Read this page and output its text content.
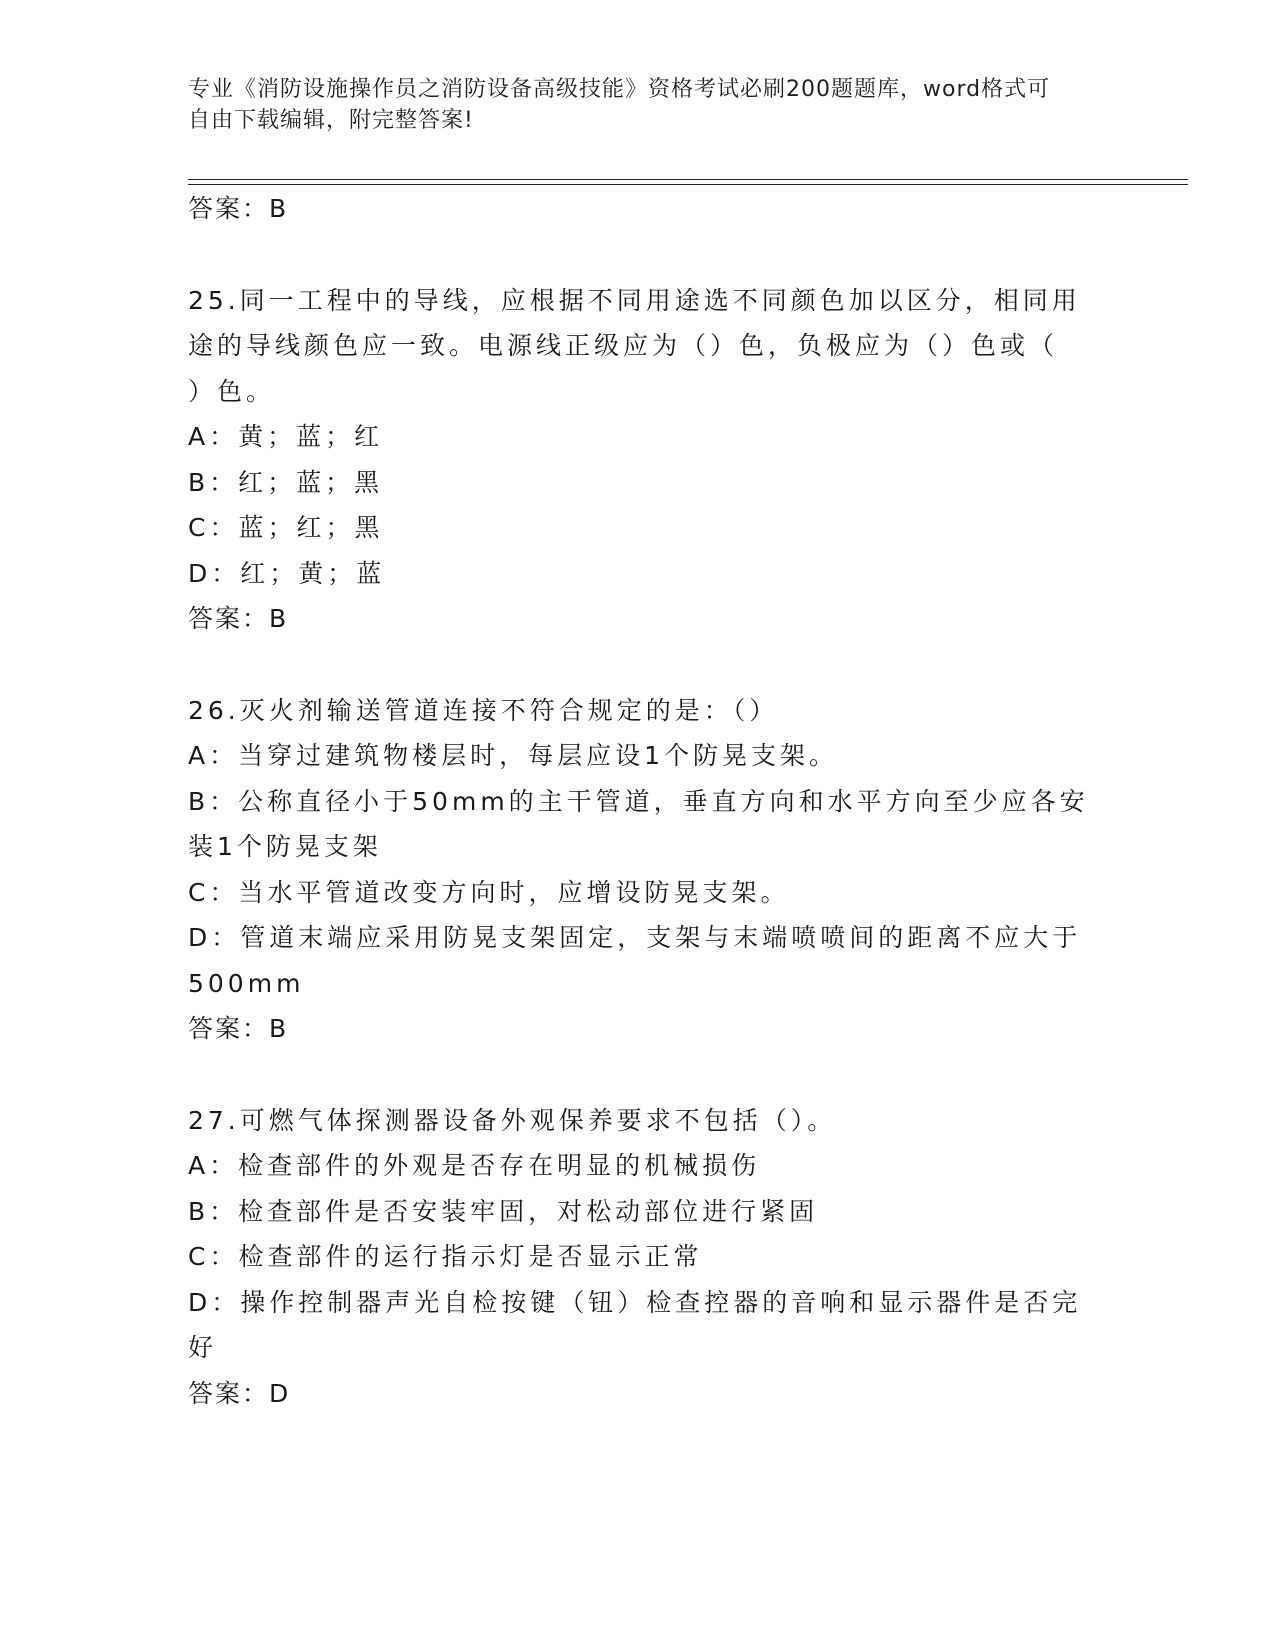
专业《消防设施操作员之消防设备高级技能》资格考试必刷200题题库，word格式可自由下载编辑，附完整答案!
答案：B
25.同一工程中的导线，应根据不同用途选不同颜色加以区分，相同用
途的导线颜色应一致。电源线正级应为（）色，负极应为（）色或（
）色。
A：黄；蓝；红
B：红；蓝；黑
C：蓝；红；黑
D：红；黄；蓝
答案：B
26.灭火剂输送管道连接不符合规定的是：（）
A：当穿过建筑物楼层时，每层应设1个防晃支架。
B：公称直径小于50mm的主干管道，垂直方向和水平方向至少应各安
装1个防晃支架
C：当水平管道改变方向时，应增设防晃支架。
D：管道末端应采用防晃支架固定，支架与末端喷喷间的距离不应大于
500mm
答案：B
27.可燃气体探测器设备外观保养要求不包括（）。
A：检查部件的外观是否存在明显的机械损伤
B：检查部件是否安装牢固，对松动部位进行紧固
C：检查部件的运行指示灯是否显示正常
D：操作控制器声光自检按键（钮）检查控器的音响和显示器件是否完
好
答案：D
